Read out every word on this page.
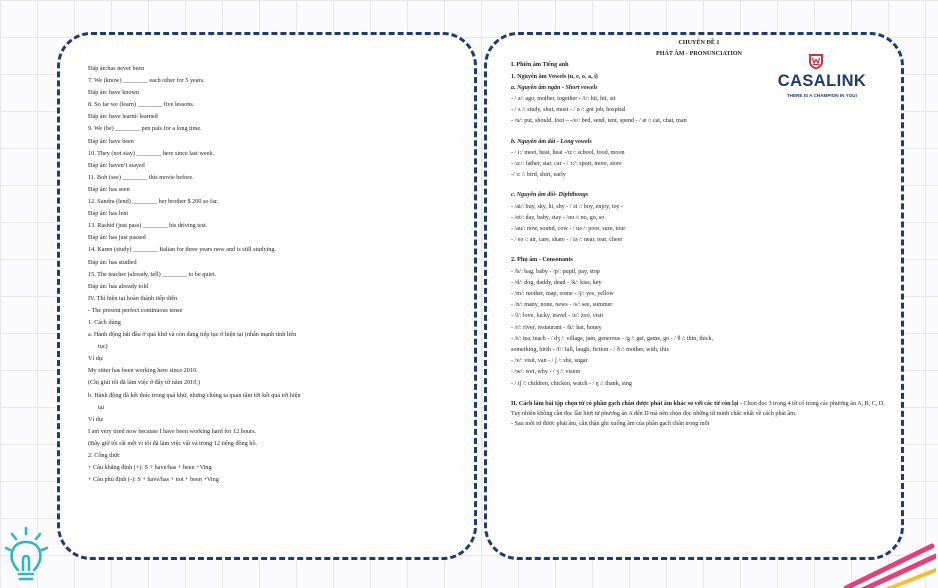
Đáp án:has never been
7. We (know) ________ each other for 5 years.
Đáp án: have known
8. So far we (learn) ________ five lessons.
Đáp án: have learnt/ learned
9. We (be) ________ pen pals for a long time.
Đáp án: have been
10. They (not stay) ________ here since last week.
Đáp án: haven’t stayed
11. Bob (see) ________ this movie before.
Đáp án: has seen
12. Sandra (lend) ________ her brother $ 200 so far.
Đáp án: has lent
13. Rashid (just pass) ________ his driving test.
Đáp án: has just passed
14. Karen (study) ________ Italian for three years now and is still studying.
Đáp án: has studied
15. The teacher (already, tell) ________ to be quiet.
Đáp án: has already told
IV. Thì hiện tại hoàn thành tiếp diễn
- The present perfect continuous tense
1. Cách dùng
a. Hành động bắt đầu ở quá khứ và còn đang tiếp tục ở hiện tại (nhấn mạnh tính liên
tục)
Ví dụ:
My sitter has been working here since 2010.
(Chị giúi tôi đã làm việc ở đây từ năm 2010.)
b. Hành động đã kết thúc trong quá khứ, nhưng chúng ta quan tâm tới kết quả tới hiện
tại
Ví dụ:
I am very tired now because I have been working hard for 12 hours.
(Bây giờ tôi rất mệt vì tôi đã làm việc vất vả trong 12 tiếng đồng hồ.
2. Công thức
+ Câu khẳng định (+): S + have/has + been +Ving
+ Câu phủ định (-): S + have/has + not + been +Ving
CHUYÊN ĐỀ 1
PHÁT ÂM - PRONUNCIATION
I. Phiên âm Tiếng anh
1. Nguyên âm Vowels (u, e, o, a, i)
a. Nguyên âm ngắn - Short vowels
- / ə/: ago, mother, together - /i/: hit, bit, sit
- / ʌ /: study, shut, must - / ɒ /: got job, hospital
- /u/: put, should, foot – -/e/: bed, send, tent, spend - / æ /: cat, chat, man
b. Nguyên âm dài - Long vowels
- / i:/ meet, beat, heat -/u:/: school, food, moon
- /a:/: father, star, car - / ɔ:/: sport, more, store
-/ ɜ: /: bird, shirt, early
c. Nguyên âm đôi- Diphthongs
- /ai/: buy, sky, hi, shy - / ɔi /: boy, enjoy, toy -
- /ei/: day, baby, stay - /ou /: no, go, so
- /au/: now, sound, cow - / uə /: poor, sure, tour
- / eə /: air, care, share - / iə /: near, tear, cheer
2. Phụ âm - Consonants
- /b/: bag, baby - /p/: pupil, pay, stop
- /d/: dog, daddy, dead - /k/: kiss, key
- /m/: mother, map, come - /j/: yes, yellow
- /n/: many, none, news - /s/: see, summer
- /l/: love, lucky, travel - /z/: zoo, visit
- /r/: river, restaurant - /h/: hat, honey
- /t/: tea, teach - / dʒ /: village, jam, generous - /g /: get, game, go - / θ /: thin, thick,
something, birth - /f/: fall, laugh, fiction - / ð /: mother, with, this
- /v/: visit, van - / ʃ /: she, sugar
- /w/: wet, why - / ʒ /: vision
- / tʃ /: children, chicken, watch - / ŋ /: thank, sing
II. Cách làm bài tập chọn từ có phần gạch chân được phát âm khác so với các từ còn lại - Chọn đọc 3 trong 4 từ có trong các phương án A, B, C, D. Tuy nhiên không cần đọc lần lượt từ phương án A đến D mà nên chọn đọc những từ mình chắc nhất về cách phát âm.
- Sau mỗi từ được phát âm, cần thận ghi xuống âm của phần gạch chân trong mỗi
CASALINK
THERE IS A CHAMPION IN YOU!
